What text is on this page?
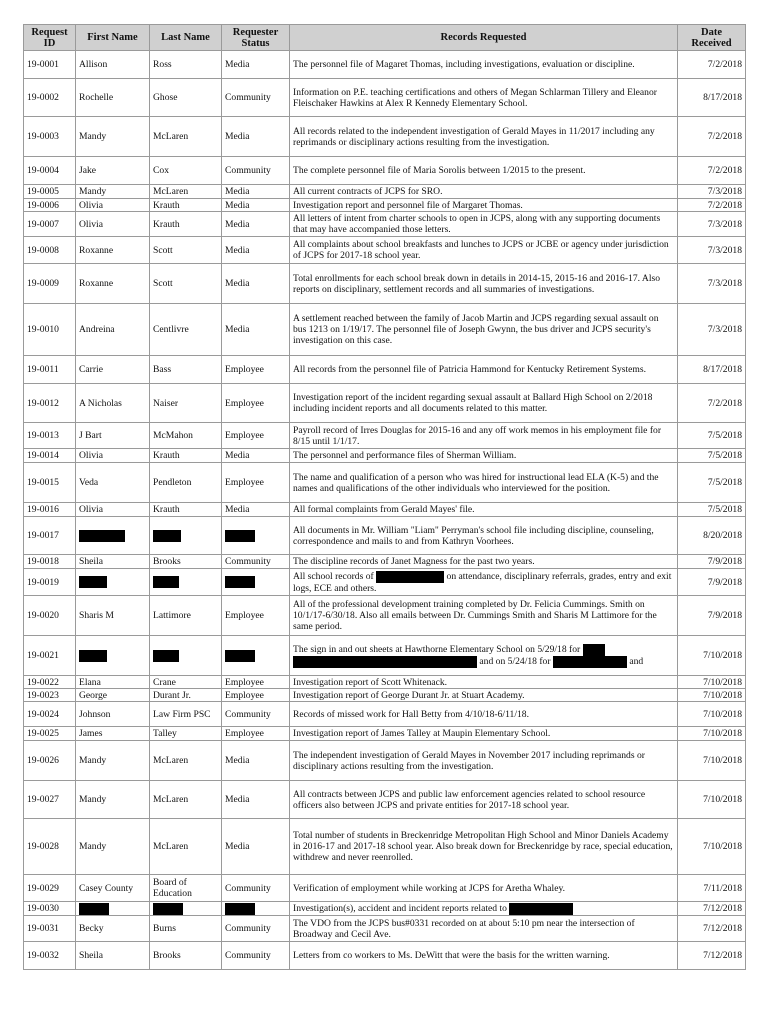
Request ID	First Name	Last Name	Requester Status	Records Requested	Date Received
19-0001	Allison	Ross	Media	The personnel file of Magaret Thomas, including investigations, evaluation or discipline.	7/2/2018
19-0002	Rochelle	Ghose	Community	Information on P.E. teaching certifications and others of Megan Schlarman Tillery and Eleanor Fleischaker Hawkins at Alex R Kennedy Elementary School.	8/17/2018
19-0003	Mandy	McLaren	Media	All records related to the independent investigation of Gerald Mayes in 11/2017 including any reprimands or disciplinary actions resulting from the investigation.	7/2/2018
19-0004	Jake	Cox	Community	The complete personnel file of Maria Sorolis between 1/2015 to the present.	7/2/2018
19-0005	Mandy	McLaren	Media	All current contracts of JCPS for SRO.	7/3/2018
19-0006	Olivia	Krauth	Media	Investigation report and personnel file of Margaret Thomas.	7/2/2018
19-0007	Olivia	Krauth	Media	All letters of intent from charter schools to open in JCPS, along with any supporting documents that may have accompanied those letters.	7/3/2018
19-0008	Roxanne	Scott	Media	All complaints about school breakfasts and lunches to JCPS or JCBE or agency under jurisdiction of JCPS for 2017-18 school year.	7/3/2018
19-0009	Roxanne	Scott	Media	Total enrollments for each school break down in details in 2014-15, 2015-16 and 2016-17. Also reports on disciplinary, settlement records and all summaries of investigations.	7/3/2018
19-0010	Andreina	Centlivre	Media	A settlement reached between the family of Jacob Martin and JCPS regarding sexual assault on bus 1213 on 1/19/17. The personnel file of Joseph Gwynn, the bus driver and JCPS security's investigation on this case.	7/3/2018
19-0011	Carrie	Bass	Employee	All records from the personnel file of Patricia Hammond for Kentucky Retirement Systems.	8/17/2018
19-0012	A Nicholas	Naiser	Employee	Investigation report of the incident regarding sexual assault at Ballard High School on 2/2018 including incident reports and all documents related to this matter.	7/2/2018
19-0013	J Bart	McMahon	Employee	Payroll record of Irres Douglas for 2015-16 and any off work memos in his employment file for 8/15 until 1/1/17.	7/5/2018
19-0014	Olivia	Krauth	Media	The personnel and performance files of Sherman William.	7/5/2018
19-0015	Veda	Pendleton	Employee	The name and qualification of a person who was hired for instructional lead ELA (K-5) and the names and qualifications of the other individuals who interviewed for the position.	7/5/2018
19-0016	Olivia	Krauth	Media	All formal complaints from Gerald Mayes' file.	7/5/2018
19-0017				All documents in Mr. William "Liam" Perryman's school file including discipline, counseling, correspondence and mails to and from Kathryn Voorhees.	8/20/2018
19-0018	Sheila	Brooks	Community	The discipline records of Janet Magness for the past two years.	7/9/2018
19-0019				All school records of on attendance, disciplinary referrals, grades, entry and exit logs, ECE and others.	7/9/2018
19-0020	Sharis M	Lattimore	Employee	All of the professional development training completed by Dr. Felicia Cummings. Smith on 10/1/17-6/30/18. Also all emails between Dr. Cummings Smith and Sharis M Lattimore for the same period.	7/9/2018
19-0021				The sign in and out sheets at Hawthorne Elementary School on 5/29/18 for   and on 5/24/18 for and	7/10/2018
19-0022	Elana	Crane	Employee	Investigation report of Scott Whitenack.	7/10/2018
19-0023	George	Durant Jr.	Employee	Investigation report of George Durant Jr. at Stuart Academy.	7/10/2018
19-0024	Johnson	Law Firm PSC	Community	Records of missed work for Hall Betty from 4/10/18-6/11/18.	7/10/2018
19-0025	James	Talley	Employee	Investigation report of James Talley at Maupin Elementary School.	7/10/2018
19-0026	Mandy	McLaren	Media	The independent investigation of Gerald Mayes in November 2017 including reprimands or disciplinary actions resulting from the investigation.	7/10/2018
19-0027	Mandy	McLaren	Media	All contracts between JCPS and public law enforcement agencies related to school resource officers also between JCPS and private entities for 2017-18 school year.	7/10/2018
19-0028	Mandy	McLaren	Media	Total number of students in Breckenridge Metropolitan High School and Minor Daniels Academy in 2016-17 and 2017-18 school year. Also break down for Breckenridge by race, special education, withdrew and never reenrolled.	7/10/2018
19-0029	Casey County	Board of Education	Community	Verification of employment while working at JCPS for Aretha Whaley.	7/11/2018
19-0030				Investigation(s), accident and incident reports related to	7/12/2018
19-0031	Becky	Burns	Community	The VDO from the JCPS bus#0331 recorded on at about 5:10 pm near the intersection of Broadway and Cecil Ave.	7/12/2018
19-0032	Sheila	Brooks	Community	Letters from co workers to Ms. DeWitt that were the basis for the written warning.	7/12/2018
